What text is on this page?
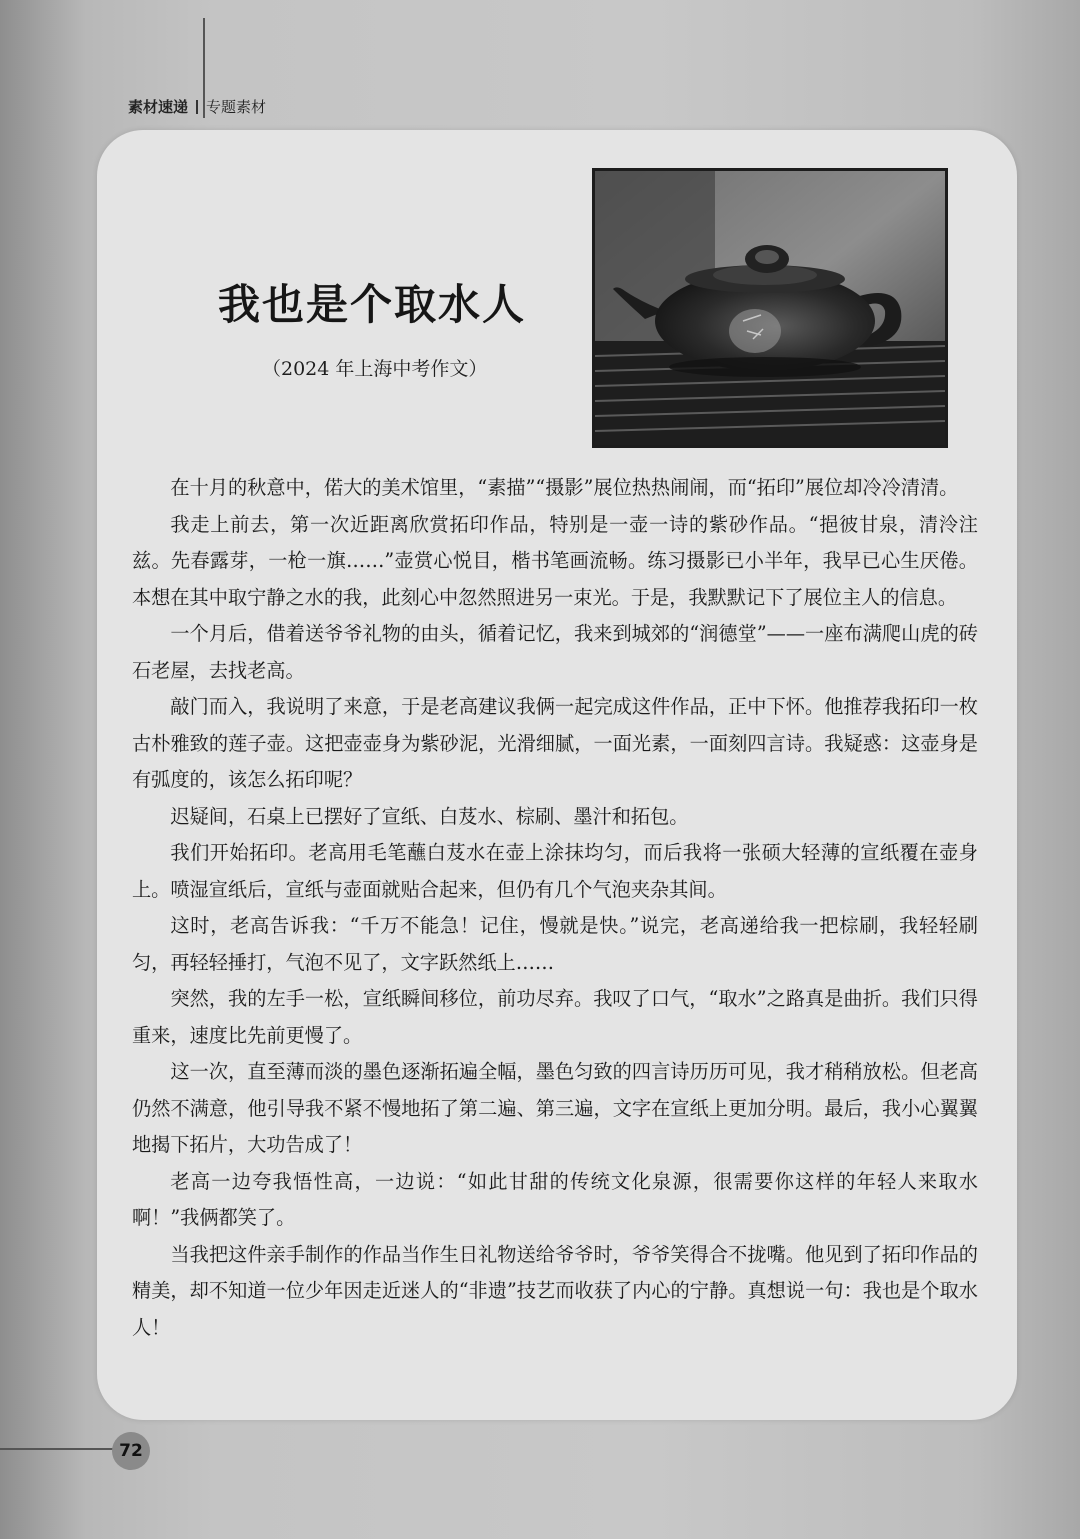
素材速递 专题素材
我也是个取水人
（2024 年上海中考作文）

在十月的秋意中，偌大的美术馆里，“素描”“摄影”展位热热闹闹，而“拓印”展位却冷冷清清。

我走上前去，第一次近距离欣赏拓印作品，特别是一壶一诗的紫砂作品。“挹彼甘泉，清泠注兹。先春露芽，一枪一旗……”壶赏心悦目，楷书笔画流畅。练习摄影已小半年，我早已心生厌倦。本想在其中取宁静之水的我，此刻心中忽然照进另一束光。于是，我默默记下了展位主人的信息。

一个月后，借着送爷爷礼物的由头，循着记忆，我来到城郊的“润德堂”——一座布满爬山虎的砖石老屋，去找老高。

敲门而入，我说明了来意，于是老高建议我俩一起完成这件作品，正中下怀。他推荐我拓印一枚古朴雅致的莲子壶。这把壶壶身为紫砂泥，光滑细腻，一面光素，一面刻四言诗。我疑惑：这壶身是有弧度的，该怎么拓印呢？

迟疑间，石桌上已摆好了宣纸、白芨水、棕刷、墨汁和拓包。

我们开始拓印。老高用毛笔蘸白芨水在壶上涂抹均匀，而后我将一张硕大轻薄的宣纸覆在壶身上。喷湿宣纸后，宣纸与壶面就贴合起来，但仍有几个气泡夹杂其间。

这时，老高告诉我：“千万不能急！记住，慢就是快。”说完，老高递给我一把棕刷，我轻轻刷匀，再轻轻捶打，气泡不见了，文字跃然纸上……

突然，我的左手一松，宣纸瞬间移位，前功尽弃。我叹了口气，“取水”之路真是曲折。我们只得重来，速度比先前更慢了。

这一次，直至薄而淡的墨色逐渐拓遍全幅，墨色匀致的四言诗历历可见，我才稍稍放松。但老高仍然不满意，他引导我不紧不慢地拓了第二遍、第三遍，文字在宣纸上更加分明。最后，我小心翼翼地揭下拓片，大功告成了！

老高一边夸我悟性高，一边说：“如此甘甜的传统文化泉源，很需要你这样的年轻人来取水啊！”我俩都笑了。

当我把这件亲手制作的作品当作生日礼物送给爷爷时，爷爷笑得合不拢嘴。他见到了拓印作品的精美，却不知道一位少年因走近迷人的“非遗”技艺而收获了内心的宁静。真想说一句：我也是个取水人！

72
